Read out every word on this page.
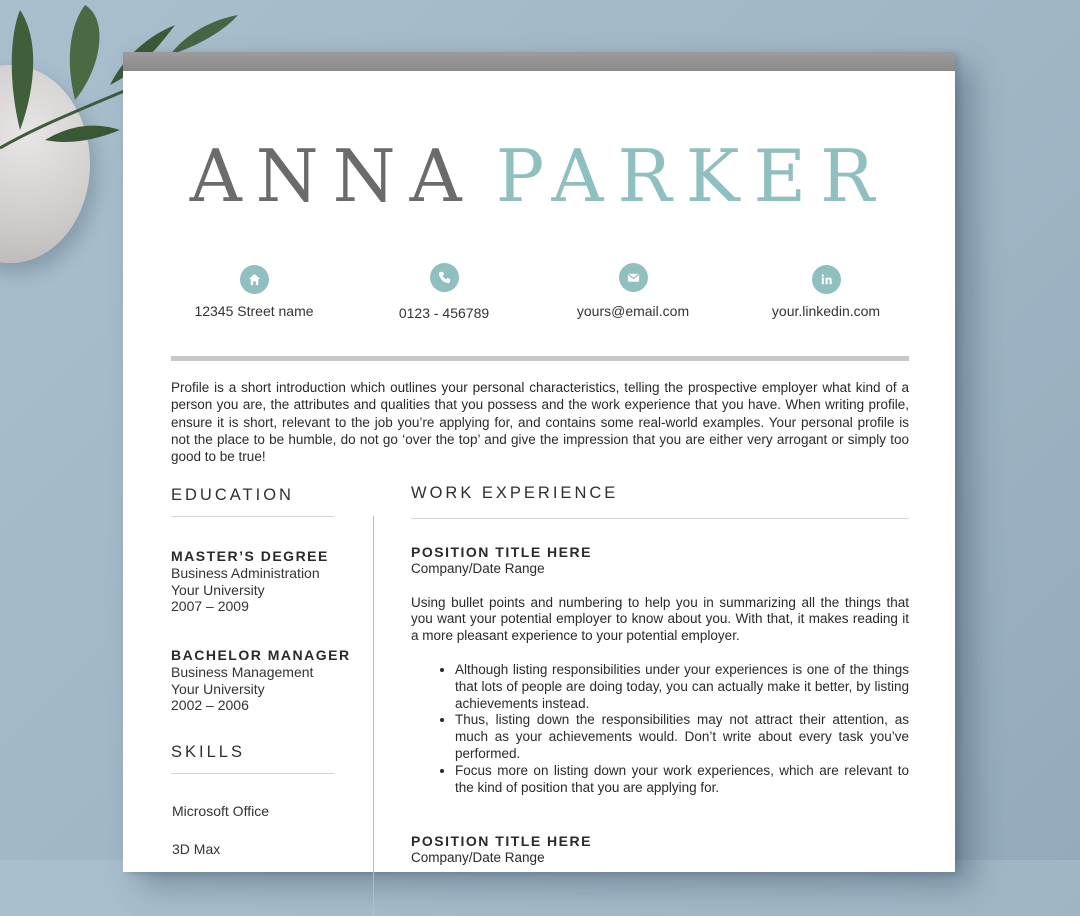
ANNA PARKER
12345 Street name	0123 - 456789	yours@email.com	your.linkedin.com
Profile is a short introduction which outlines your personal characteristics, telling the prospective employer what kind of a person you are, the attributes and qualities that you possess and the work experience that you have. When writing profile, ensure it is short, relevant to the job you’re applying for, and contains some real-world examples. Your personal profile is not the place to be humble, do not go ‘over the top’ and give the impression that you are either very arrogant or simply too good to be true!
EDUCATION
MASTER’S DEGREE
Business Administration
Your University
2007 – 2009
BACHELOR MANAGER
Business Management
Your University
2002 – 2006
SKILLS
Microsoft Office
3D Max
WORK EXPERIENCE
POSITION TITLE HERE
Company/Date Range
Using bullet points and numbering to help you in summarizing all the things that you want your potential employer to know about you. With that, it makes reading it a more pleasant experience to your potential employer.
• Although listing responsibilities under your experiences is one of the things that lots of people are doing today, you can actually make it better, by listing achievements instead.
• Thus, listing down the responsibilities may not attract their attention, as much as your achievements would. Don’t write about every task you’ve performed.
• Focus more on listing down your work experiences, which are relevant to the kind of position that you are applying for.
POSITION TITLE HERE
Company/Date Range
